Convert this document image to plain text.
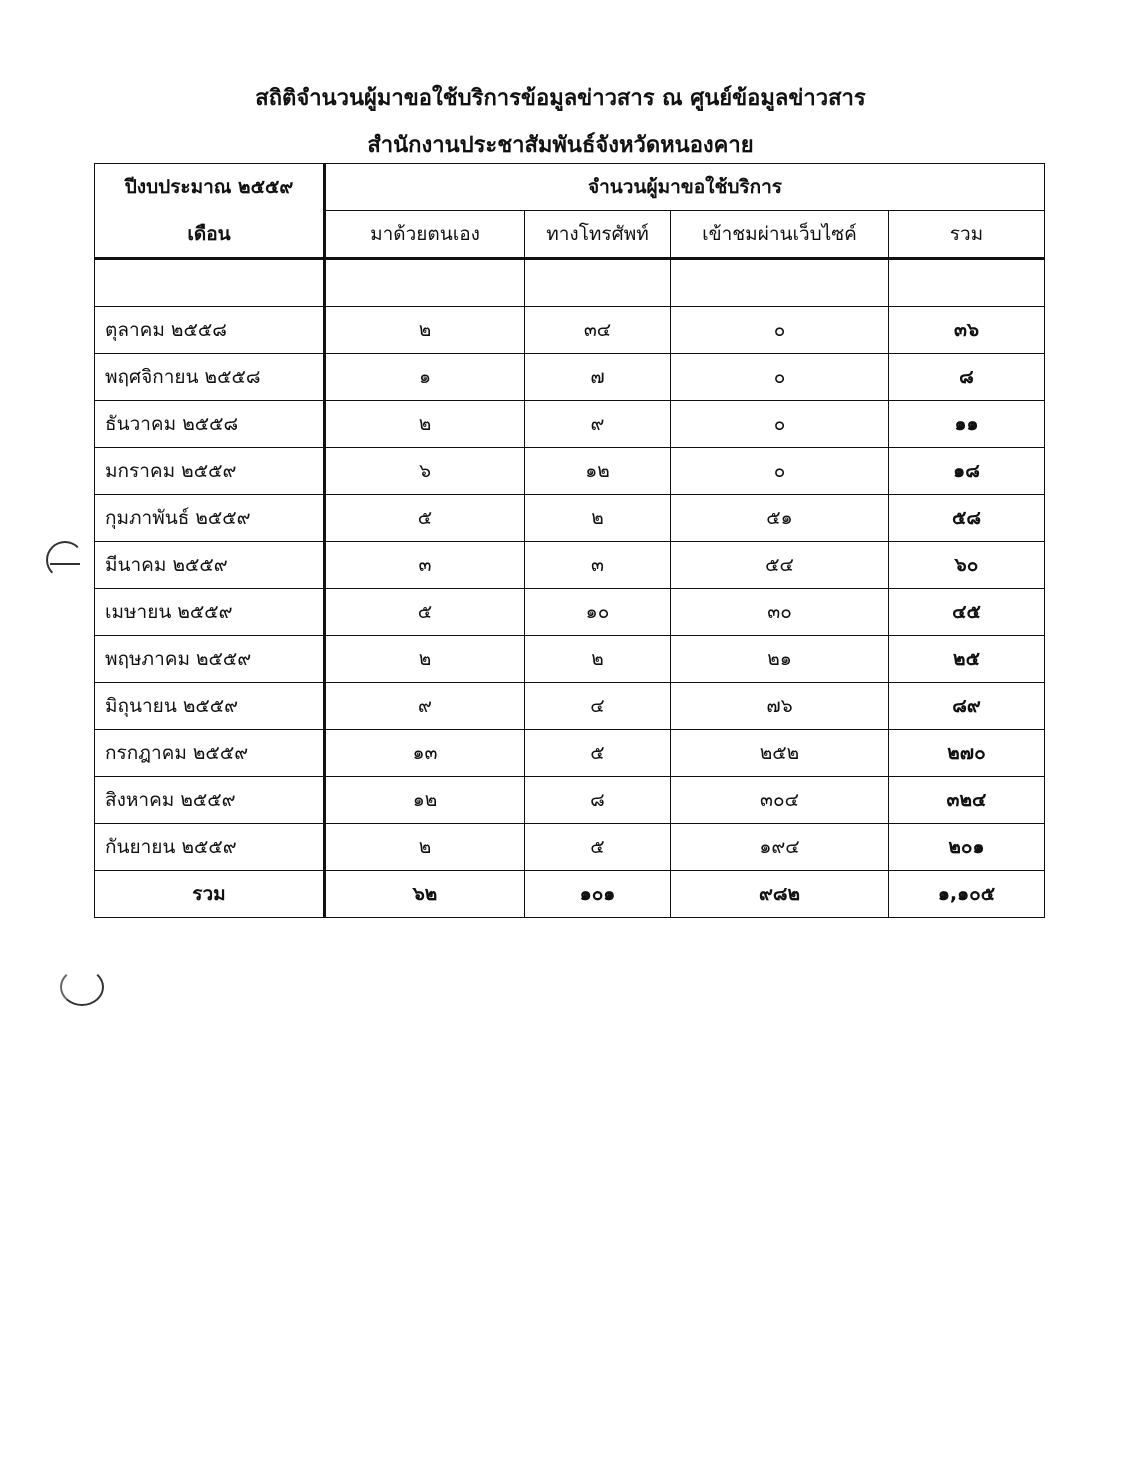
สถิติจำนวนผู้มาขอใช้บริการข้อมูลข่าวสาร ณ ศูนย์ข้อมูลข่าวสาร
สำนักงานประชาสัมพันธ์จังหวัดหนองคาย
ปีงบประมาณ ๒๕๕๙	จำนวนผู้มาขอใช้บริการ			
เดือน	มาด้วยตนเอง	ทางโทรศัพท์	เข้าชมผ่านเว็บไซค์	รวม

ตุลาคม ๒๕๕๘	๒	๓๔	๐	๓๖
พฤศจิกายน ๒๕๕๘	๑	๗	๐	๘
ธันวาคม ๒๕๕๘	๒	๙	๐	๑๑
มกราคม ๒๕๕๙	๖	๑๒	๐	๑๘
กุมภาพันธ์ ๒๕๕๙	๕	๒	๕๑	๕๘
มีนาคม ๒๕๕๙	๓	๓	๕๔	๖๐
เมษายน ๒๕๕๙	๕	๑๐	๓๐	๔๕
พฤษภาคม ๒๕๕๙	๒	๒	๒๑	๒๕
มิถุนายน ๒๕๕๙	๙	๔	๗๖	๘๙
กรกฎาคม ๒๕๕๙	๑๓	๕	๒๕๒	๒๗๐
สิงหาคม ๒๕๕๙	๑๒	๘	๓๐๔	๓๒๔
กันยายน ๒๕๕๙	๒	๕	๑๙๔	๒๐๑
รวม	๖๒	๑๐๑	๙๘๒	๑,๑๐๕
